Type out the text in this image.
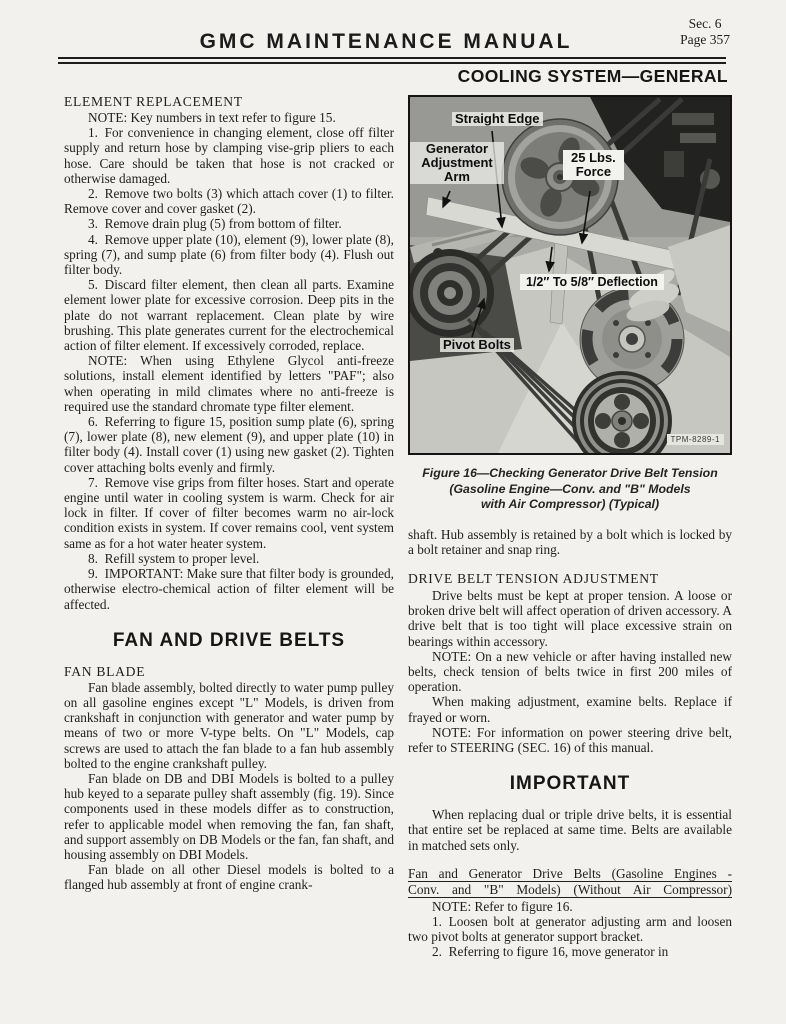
Sec. 6
Page 357
GMC MAINTENANCE MANUAL
COOLING SYSTEM—GENERAL
ELEMENT REPLACEMENT

NOTE: Key numbers in text refer to figure 15.

1. For convenience in changing element, close off filter supply and return hose by clamping vise-grip pliers to each hose. Care should be taken that hose is not cracked or otherwise damaged.

2. Remove two bolts (3) which attach cover (1) to filter. Remove cover and cover gasket (2).

3. Remove drain plug (5) from bottom of filter.

4. Remove upper plate (10), element (9), lower plate (8), spring (7), and sump plate (6) from filter body (4). Flush out filter body.

5. Discard filter element, then clean all parts. Examine element lower plate for excessive corrosion. Deep pits in the plate do not warrant replacement. Clean plate by wire brushing. This plate generates current for the electrochemical action of filter element. If excessively corroded, replace.

NOTE: When using Ethylene Glycol anti-freeze solutions, install element identified by letters "PAF"; also when operating in mild climates where no anti-freeze is required use the standard chromate type filter element.

6. Referring to figure 15, position sump plate (6), spring (7), lower plate (8), new element (9), and upper plate (10) in filter body (4). Install cover (1) using new gasket (2). Tighten cover attaching bolts evenly and firmly.

7. Remove vise grips from filter hoses. Start and operate engine until water in cooling system is warm. Check for air lock in filter. If cover of filter becomes warm no air-lock condition exists in system. If cover remains cool, vent system same as for a hot water heater system.

8. Refill system to proper level.

9. IMPORTANT: Make sure that filter body is grounded, otherwise electro-chemical action of filter element will be affected.

FAN AND DRIVE BELTS
FAN BLADE

Fan blade assembly, bolted directly to water pump pulley on all gasoline engines except "L" Models, is driven from crankshaft in conjunction with generator and water pump by means of two or more V-type belts. On "L" Models, cap screws are used to attach the fan blade to a fan hub assembly bolted to the engine crankshaft pulley.

Fan blade on DB and DBI Models is bolted to a pulley hub keyed to a separate pulley shaft assembly (fig. 19). Since components used in these models differ as to construction, refer to applicable model when removing the fan, fan shaft, and support assembly on DB Models or the fan, fan shaft, and housing assembly on DBI Models.

Fan blade on all other Diesel models is bolted to a flanged hub assembly at front of engine crank-

Straight Edge
Generator
Adjustment
Arm
25 Lbs.
Force
1/2″ To 5/8″ Deflection
Pivot Bolts
TPM-8289-1
Figure 16—Checking Generator Drive Belt Tension
(Gasoline Engine—Conv. and "B" Models
with Air Compressor) (Typical)

shaft. Hub assembly is retained by a bolt which is locked by a bolt retainer and snap ring.

DRIVE BELT TENSION ADJUSTMENT

Drive belts must be kept at proper tension. A loose or broken drive belt will affect operation of driven accessory. A drive belt that is too tight will place excessive strain on bearings within accessory.

NOTE: On a new vehicle or after having installed new belts, check tension of belts twice in first 200 miles of operation.

When making adjustment, examine belts. Replace if frayed or worn.

NOTE: For information on power steering drive belt, refer to STEERING (SEC. 16) of this manual.

IMPORTANT

When replacing dual or triple drive belts, it is essential that entire set be replaced at same time. Belts are available in matched sets only.

Fan and Generator Drive Belts (Gasoline Engines -
Conv. and "B" Models) (Without Air Compressor)

NOTE: Refer to figure 16.

1. Loosen bolt at generator adjusting arm and loosen two pivot bolts at generator support bracket.

2. Referring to figure 16, move generator in
